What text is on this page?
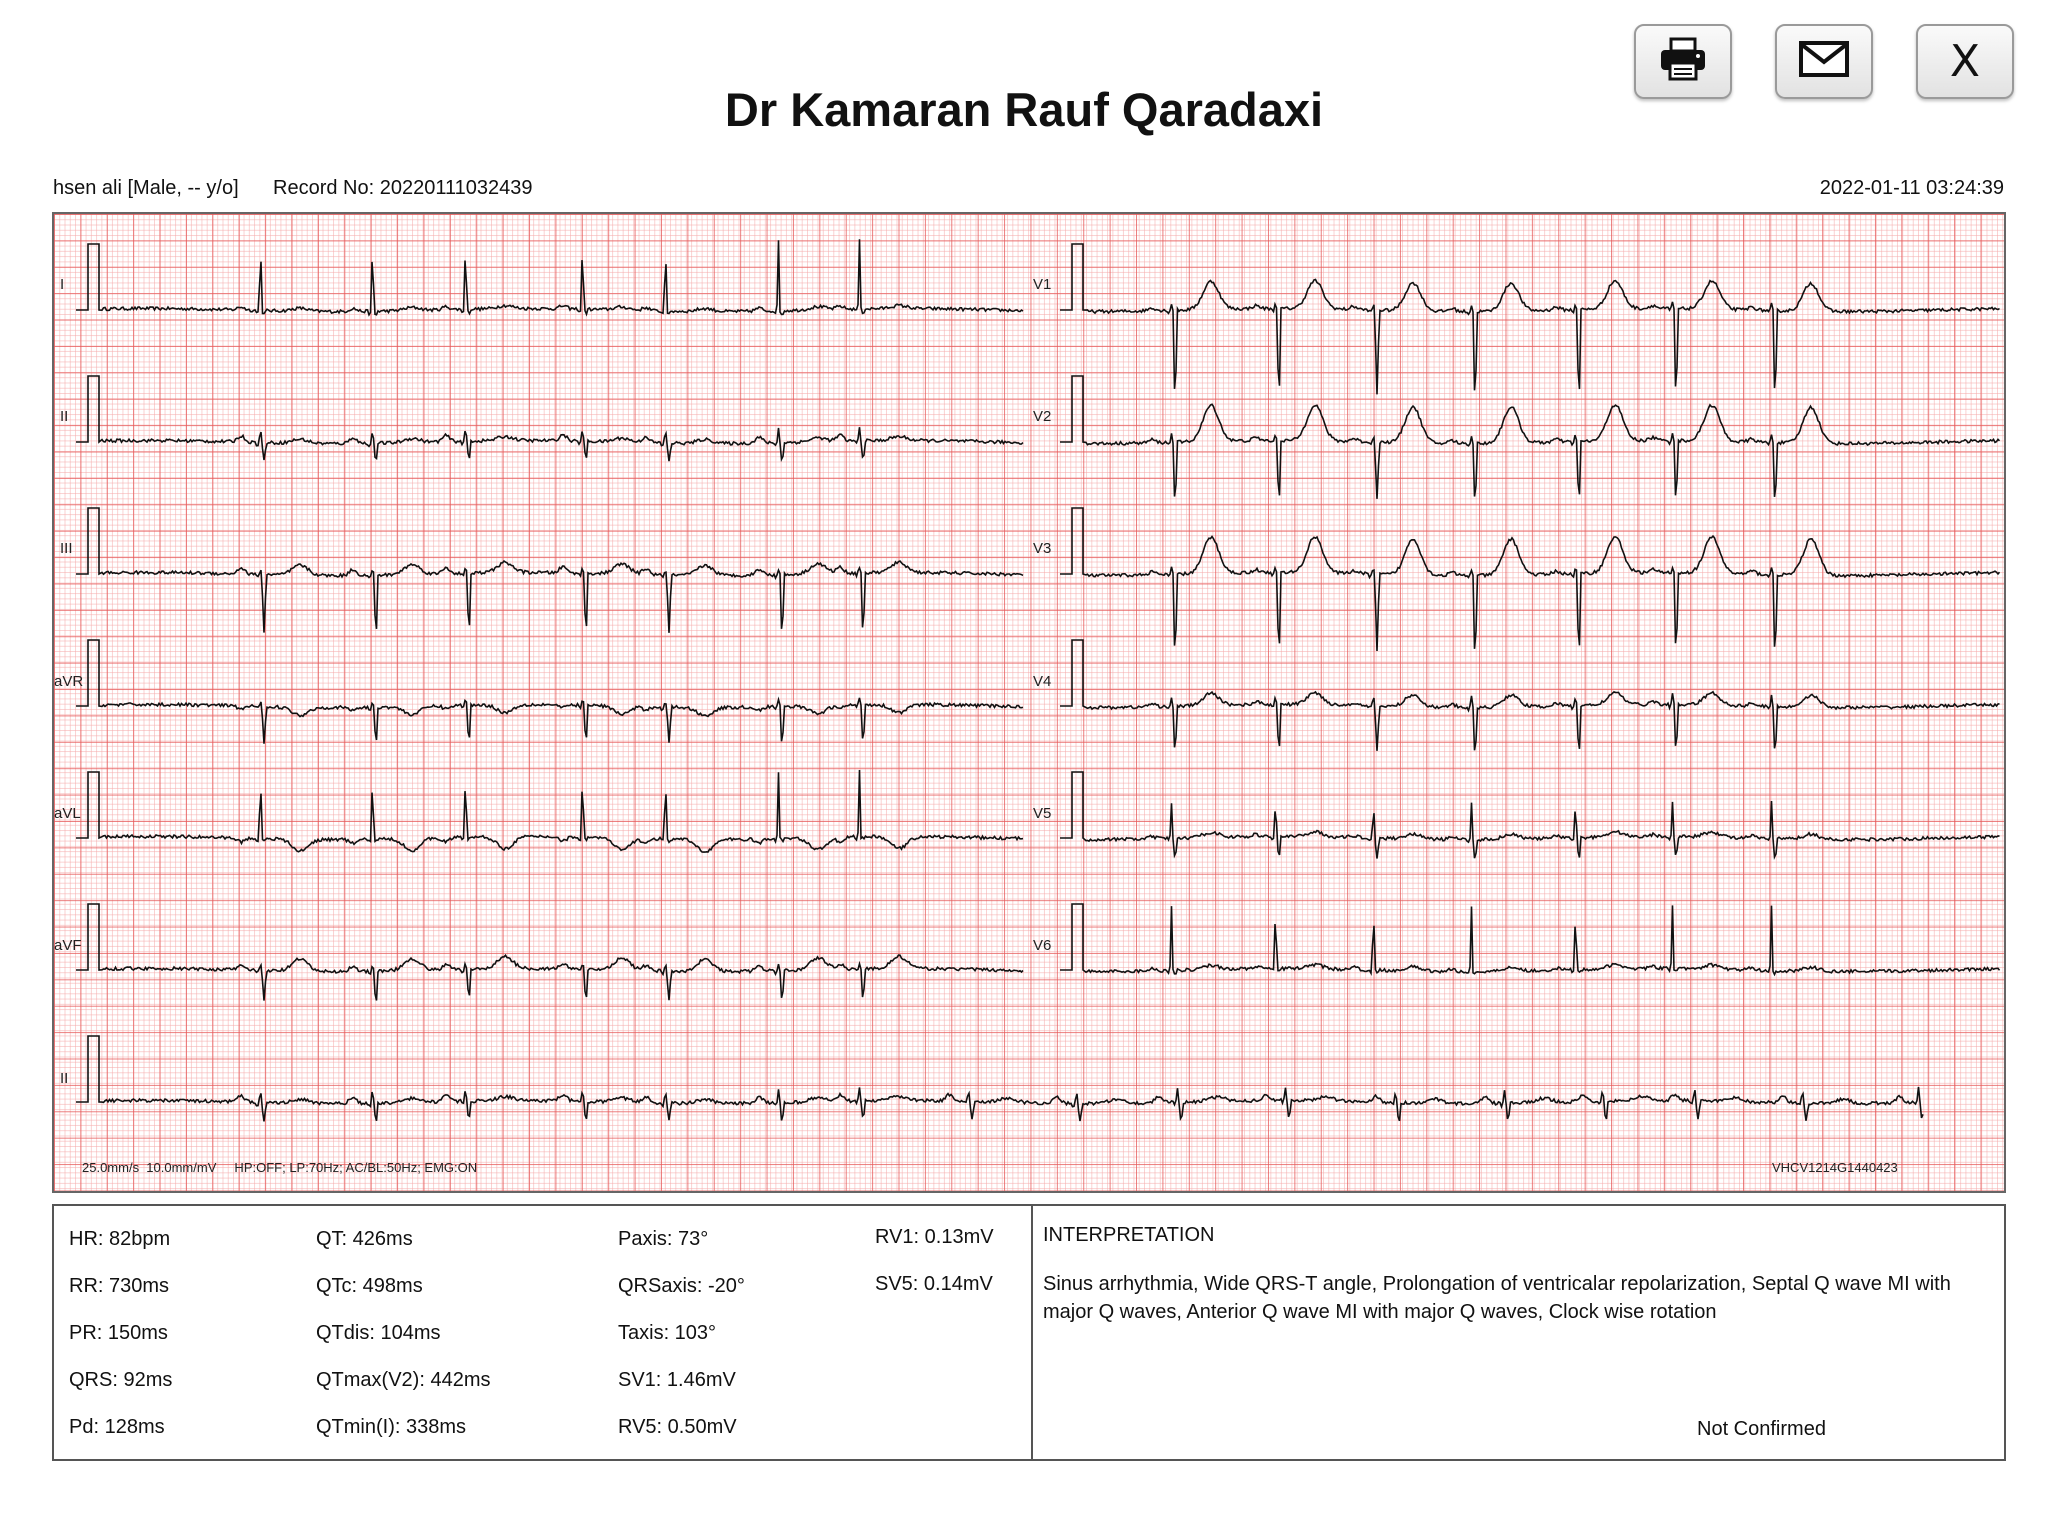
Dr Kamaran Rauf Qaradaxi
X
hsen ali [Male, -- y/o] Record No: 20220111032439	2022-01-11 03:24:39
I
II
III
aVR
aVL
aVF
V1
V2
V3
V4
V5
V6
II
25.0mm/s  10.0mm/mV     HP:OFF; LP:70Hz; AC/BL:50Hz; EMG:ON	VHCV1214G1440423
HR: 82bpm
RR: 730ms
PR: 150ms
QRS: 92ms
Pd: 128ms
QT: 426ms
QTc: 498ms
QTdis: 104ms
QTmax(V2): 442ms
QTmin(I): 338ms
Paxis: 73°
QRSaxis: -20°
Taxis: 103°
SV1: 1.46mV
RV5: 0.50mV
RV1: 0.13mV
SV5: 0.14mV
INTERPRETATION
Sinus arrhythmia, Wide QRS-T angle, Prolongation of ventricalar repolarization, Septal Q wave MI with major Q waves, Anterior Q wave MI with major Q waves, Clock wise rotation
Not Confirmed
